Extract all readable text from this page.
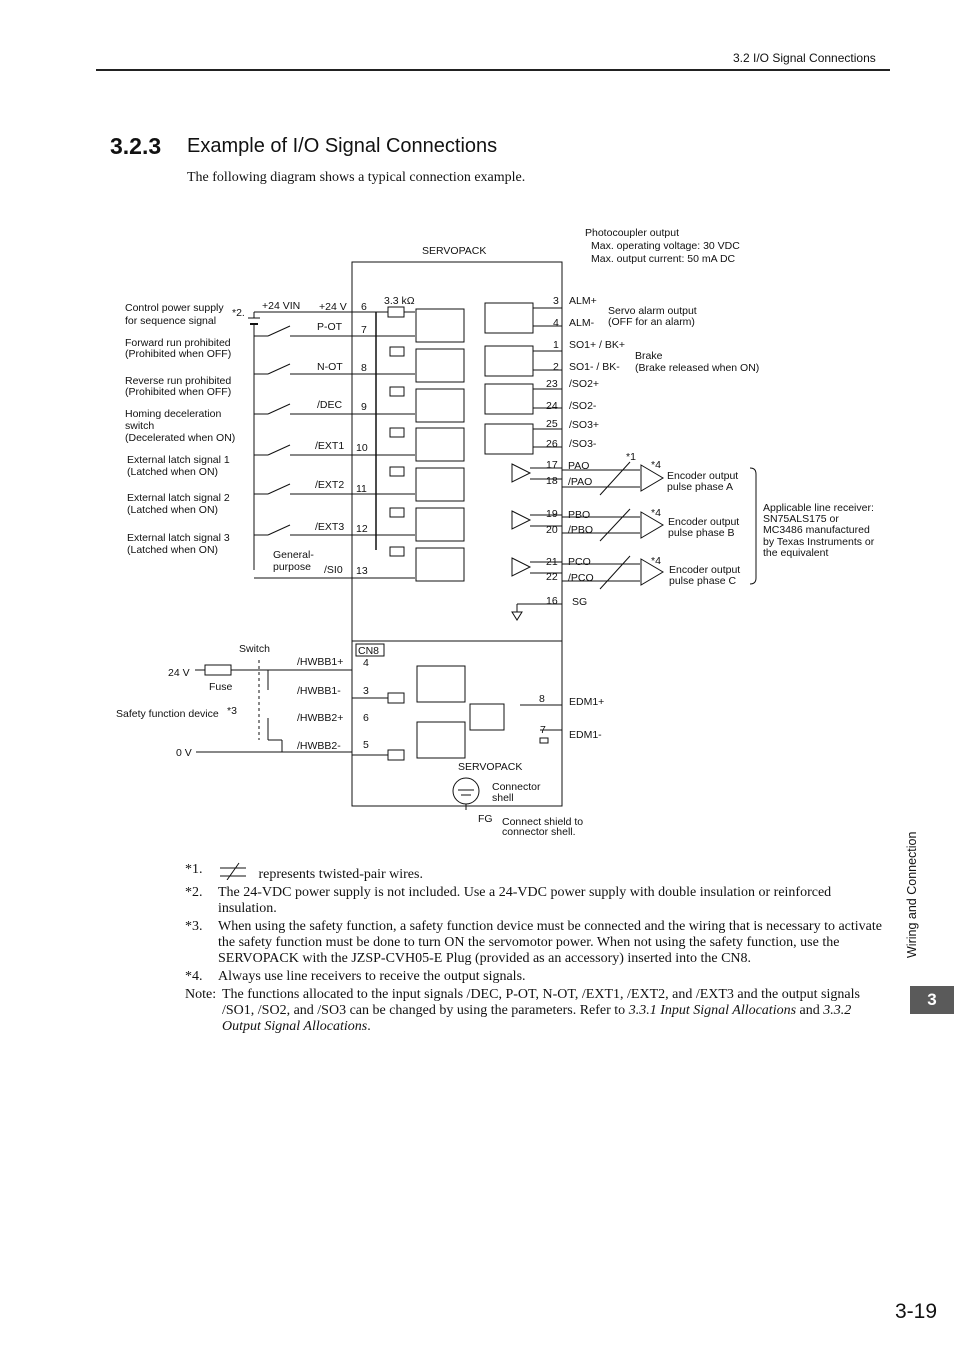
3.2 I/O Signal Connections
3.2.3 Example of I/O Signal Connections
The following diagram shows a typical connection example.
SERVOPACK
SERVOPACK
Photocoupler output
Max. operating voltage: 30 VDC
Max. output current: 50 mA DC
Control power supply
for sequence signal
*2.
+24 VIN +24 V 6 3.3 kΩ
Forward run prohibited
(Prohibited when OFF)
Reverse run prohibited
(Prohibited when OFF)
Homing deceleration
switch
(Decelerated when ON)
External latch signal 1
(Latched when ON)
External latch signal 2
(Latched when ON)
External latch signal 3
(Latched when ON)	General-
purpose
P-OT 7
N-OT 8
/DEC 9
/EXT1 10
/EXT2 11
/EXT3 12
/SI0 13
3 ALM+
4 ALM-
1 SO1+ / BK+
2 SO1- / BK-
23 /SO2+
24 /SO2-
25 /SO3+
26 /SO3-
Servo alarm output
(OFF for an alarm)
Brake
(Brake released when ON)
17 PAO
18 /PAO	Encoder output
pulse phase A
19 PBO
20 /PBO
Encoder output
pulse phase B
21 PCO
22 /PCO
Encoder output
pulse phase C
16 SG
*1
*4
*4
*4
Applicable line receiver:
SN75ALS175 or
MC3486 manufactured
by Texas Instruments or
the equivalent
CN8
Switch
24 V
Fuse
Safety function device *3
0 V
/HWBB1+ 4
/HWBB1- 3
/HWBB2+ 6
/HWBB2- 5
8 EDM1+
7 EDM1-
Connector
shell
FG Connect shield to
connector shell.
*1.	represents twisted-pair wires.
*2. The 24-VDC power supply is not included. Use a 24-VDC power supply with double insulation or reinforced insulation.
*3. When using the safety function, a safety function device must be connected and the wiring that is necessary to activate the safety function must be done to turn ON the servomotor power. When not using the safety function, use the SERVOPACK with the JZSP-CVH05-E Plug (provided as an accessory) inserted into the CN8.
*4. Always use line receivers to receive the output signals.
Note: The functions allocated to the input signals /DEC, P-OT, N-OT, /EXT1, /EXT2, and /EXT3 and the output signals /SO1, /SO2, and /SO3 can be changed by using the parameters. Refer to 3.3.1 Input Signal Allocations and 3.3.2 Output Signal Allocations.
Wiring and Connection
3
3-19
